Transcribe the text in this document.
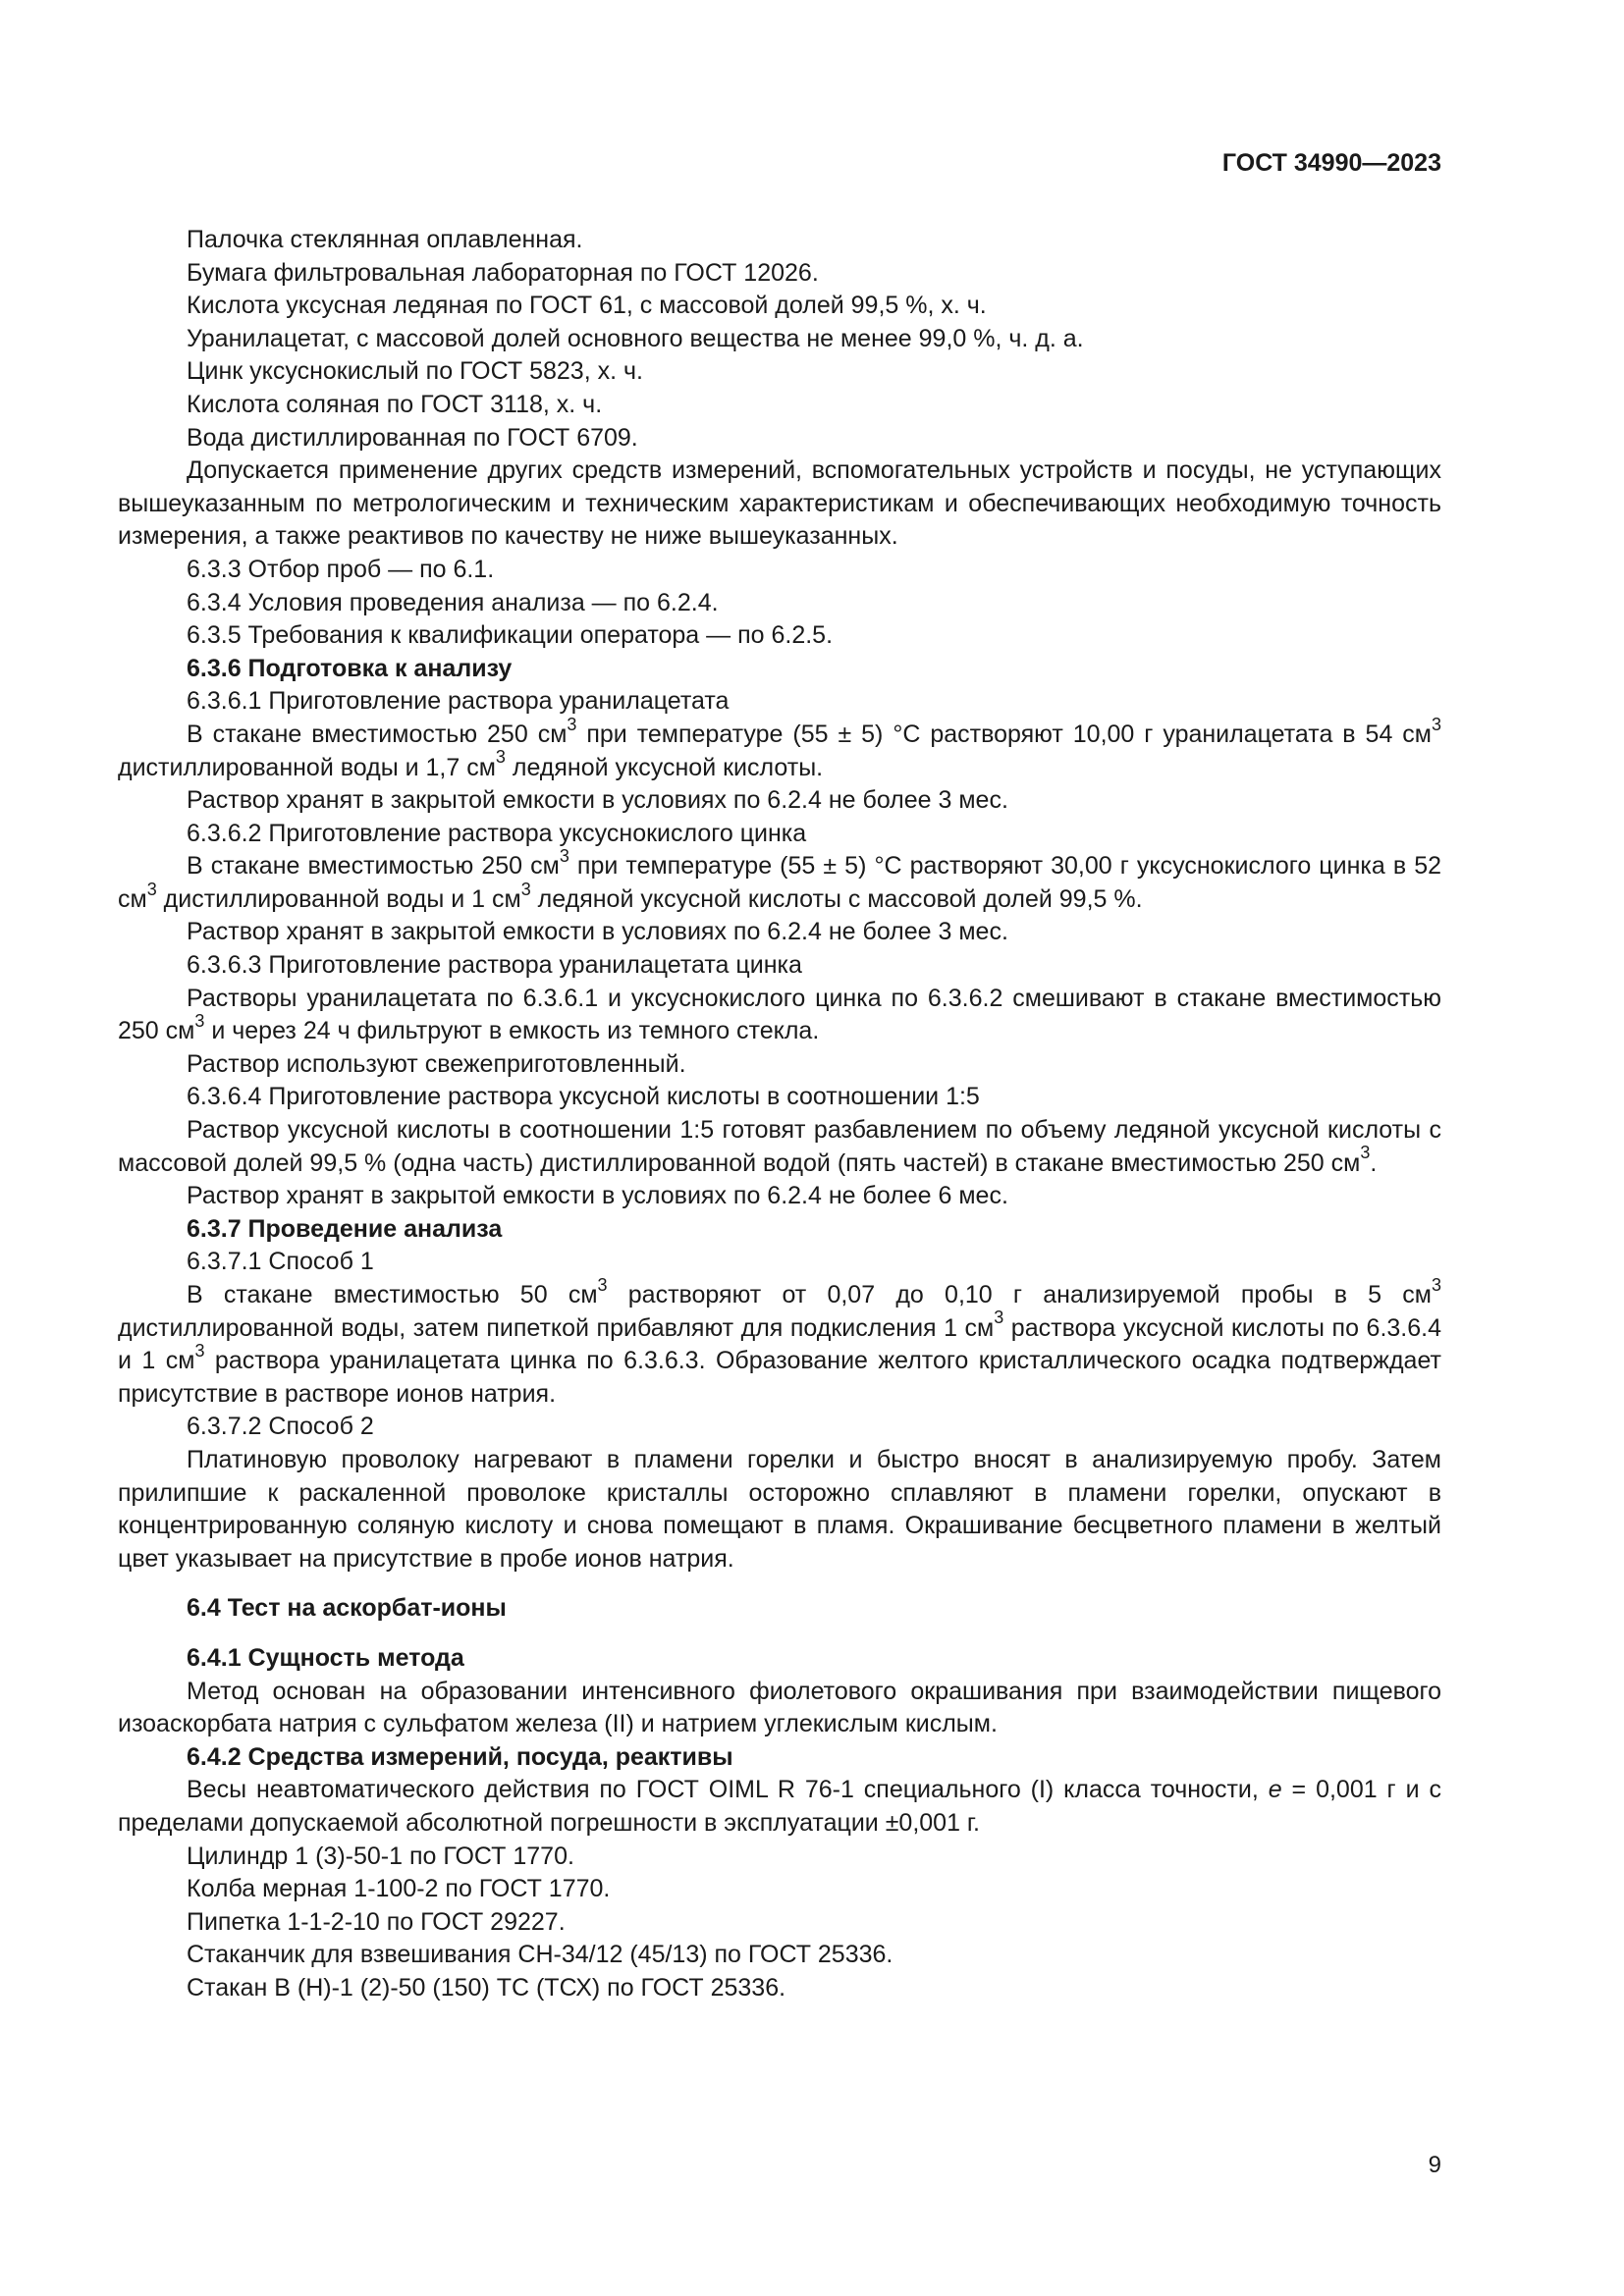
ГОСТ 34990—2023

Палочка стеклянная оплавленная.

Бумага фильтровальная лабораторная по ГОСТ 12026.

Кислота уксусная ледяная по ГОСТ 61, с массовой долей 99,5 %, х. ч.

Уранилацетат, с массовой долей основного вещества не менее 99,0 %, ч. д. а.

Цинк уксуснокислый по ГОСТ 5823, х. ч.

Кислота соляная по ГОСТ 3118, х. ч.

Вода дистиллированная по ГОСТ 6709.

Допускается применение других средств измерений, вспомогательных устройств и посуды, не уступающих вышеуказанным по метрологическим и техническим характеристикам и обеспечивающих необходимую точность измерения, а также реактивов по качеству не ниже вышеуказанных.

6.3.3 Отбор проб — по 6.1.

6.3.4 Условия проведения анализа — по 6.2.4.

6.3.5 Требования к квалификации оператора — по 6.2.5.

6.3.6 Подготовка к анализу

6.3.6.1 Приготовление раствора уранилацетата

В стакане вместимостью 250 $см^3$ при температуре (55 ± 5) °С растворяют 10,00 г уранилацетата в 54 $см^3$ дистиллированной воды и 1,7 $см^3$ ледяной уксусной кислоты.

Раствор хранят в закрытой емкости в условиях по 6.2.4 не более 3 мес.

6.3.6.2 Приготовление раствора уксуснокислого цинка

В стакане вместимостью 250 $см^3$ при температуре (55 ± 5) °С растворяют 30,00 г уксуснокислого цинка в 52 $см^3$ дистиллированной воды и 1 $см^3$ ледяной уксусной кислоты с массовой долей 99,5 %.

Раствор хранят в закрытой емкости в условиях по 6.2.4 не более 3 мес.

6.3.6.3 Приготовление раствора уранилацетата цинка

Растворы уранилацетата по 6.3.6.1 и уксуснокислого цинка по 6.3.6.2 смешивают в стакане вместимостью 250 $см^3$ и через 24 ч фильтруют в емкость из темного стекла.

Раствор используют свежеприготовленный.

6.3.6.4 Приготовление раствора уксусной кислоты в соотношении 1:5

Раствор уксусной кислоты в соотношении 1:5 готовят разбавлением по объему ледяной уксусной кислоты с массовой долей 99,5 % (одна часть) дистиллированной водой (пять частей) в стакане вместимостью 250 $см^3$.

Раствор хранят в закрытой емкости в условиях по 6.2.4 не более 6 мес.

6.3.7 Проведение анализа

6.3.7.1 Способ 1

В стакане вместимостью 50 $см^3$ растворяют от 0,07 до 0,10 г анализируемой пробы в 5 $см^3$ дистиллированной воды, затем пипеткой прибавляют для подкисления 1 $см^3$ раствора уксусной кислоты по 6.3.6.4 и 1 $см^3$ раствора уранилацетата цинка по 6.3.6.3. Образование желтого кристаллического осадка подтверждает присутствие в растворе ионов натрия.

6.3.7.2 Способ 2

Платиновую проволоку нагревают в пламени горелки и быстро вносят в анализируемую пробу. Затем прилипшие к раскаленной проволоке кристаллы осторожно сплавляют в пламени горелки, опускают в концентрированную соляную кислоту и снова помещают в пламя. Окрашивание бесцветного пламени в желтый цвет указывает на присутствие в пробе ионов натрия.

6.4 Тест на аскорбат-ионы

6.4.1 Сущность метода

Метод основан на образовании интенсивного фиолетового окрашивания при взаимодействии пищевого изоаскорбата натрия с сульфатом железа (II) и натрием углекислым кислым.

6.4.2 Средства измерений, посуда, реактивы

Весы неавтоматического действия по ГОСТ OIML R 76-1 специального (I) класса точности, е = 0,001 г и с пределами допускаемой абсолютной погрешности в эксплуатации ±0,001 г.

Цилиндр 1 (3)-50-1 по ГОСТ 1770.

Колба мерная 1-100-2 по ГОСТ 1770.

Пипетка 1-1-2-10 по ГОСТ 29227.

Стаканчик для взвешивания СН-34/12 (45/13) по ГОСТ 25336.

Стакан В (Н)-1 (2)-50 (150) ТС (ТСХ) по ГОСТ 25336.

9
